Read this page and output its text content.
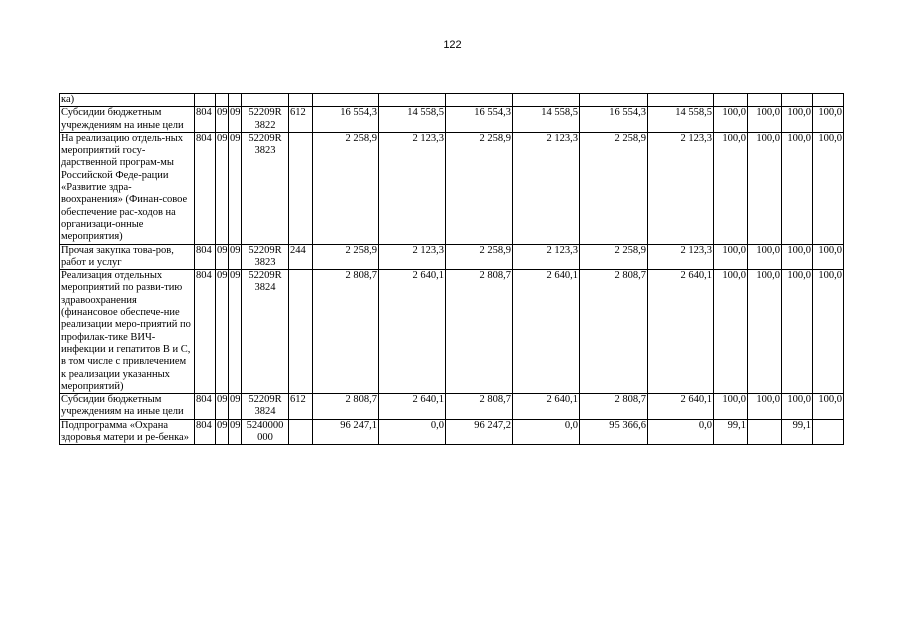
122
ка)															
Субсидии бюджетным учреждениям на иные цели	804	09	09	52209R 3822	612	16 554,3	14 558,5	16 554,3	14 558,5	16 554,3	14 558,5	100,0	100,0	100,0	100,0
На реализацию отдель-ных мероприятий госу-дарственной програм-мы Российской Феде-рации «Развитие здра-воохранения» (Финан-совое обеспечение рас-ходов на организаци-онные мероприятия)	804	09	09	52209R 3823		2 258,9	2 123,3	2 258,9	2 123,3	2 258,9	2 123,3	100,0	100,0	100,0	100,0
Прочая закупка това-ров, работ и услуг	804	09	09	52209R 3823	244	2 258,9	2 123,3	2 258,9	2 123,3	2 258,9	2 123,3	100,0	100,0	100,0	100,0
Реализация отдельных мероприятий по разви-тию здравоохранения (финансовое обеспече-ние реализации меро-приятий по профилак-тике ВИЧ-инфекции и гепатитов В и С, в том числе с привлечением к реализации указанных мероприятий)	804	09	09	52209R 3824		2 808,7	2 640,1	2 808,7	2 640,1	2 808,7	2 640,1	100,0	100,0	100,0	100,0
Субсидии бюджетным учреждениям на иные цели	804	09	09	52209R 3824	612	2 808,7	2 640,1	2 808,7	2 640,1	2 808,7	2 640,1	100,0	100,0	100,0	100,0
Подпрограмма «Охрана здоровья матери и ре-бенка»	804	09	09	5240000 000		96 247,1	0,0	96 247,2	0,0	95 366,6	0,0	99,1		99,1	
